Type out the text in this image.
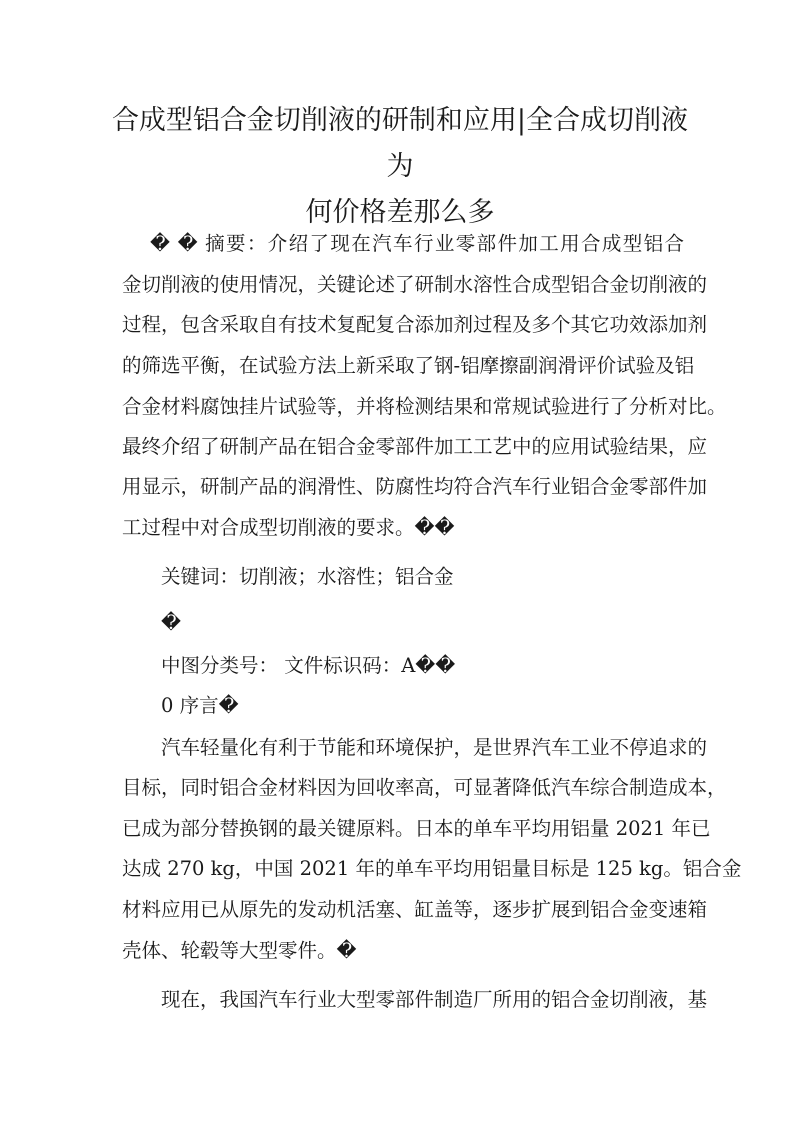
合成型铝合金切削液的研制和应用|全合成切削液为
何价格差那么多

� � 摘要：介绍了现在汽车行业零部件加工用合成型铝合

金切削液的使用情况，关键论述了研制水溶性合成型铝合金切削液的

过程，包含采取自有技术复配复合添加剂过程及多个其它功效添加剂

的筛选平衡，在试验方法上新采取了钢-铝摩擦副润滑评价试验及铝

合金材料腐蚀挂片试验等，并将检测结果和常规试验进行了分析对比。

最终介绍了研制产品在铝合金零部件加工工艺中的应用试验结果，应

用显示，研制产品的润滑性、防腐性均符合汽车行业铝合金零部件加

工过程中对合成型切削液的要求。��

关键词：切削液；水溶性；铝合金

�

中图分类号： 文件标识码：A��

0 序言�

汽车轻量化有利于节能和环境保护，是世界汽车工业不停追求的

目标，同时铝合金材料因为回收率高，可显著降低汽车综合制造成本，

已成为部分替换钢的最关键原料。日本的单车平均用铝量 2021 年已

达成 270 kg，中国 2021 年的单车平均用铝量目标是 125 kg。铝合金

材料应用已从原先的发动机活塞、缸盖等，逐步扩展到铝合金变速箱

壳体、轮毂等大型零件。�

现在，我国汽车行业大型零部件制造厂所用的铝合金切削液，基
